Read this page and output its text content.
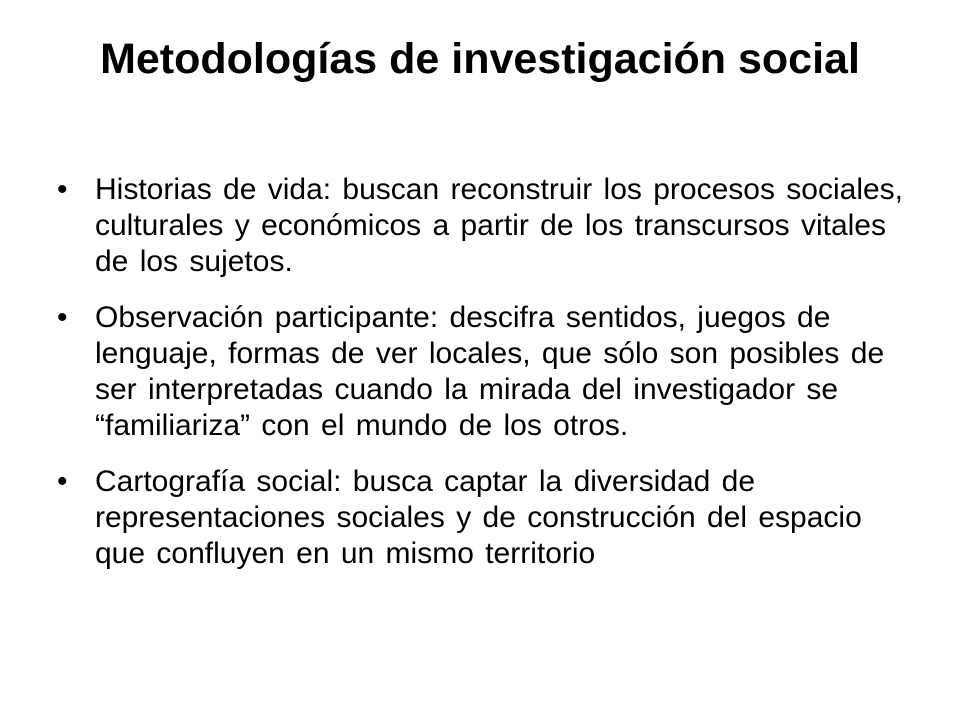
Metodologías de investigación social
• Historias de vida: buscan reconstruir los procesos sociales, culturales y económicos a partir de los transcursos vitales de los sujetos.
• Observación participante: descifra sentidos, juegos de lenguaje, formas de ver locales, que sólo son posibles de ser interpretadas cuando la mirada del investigador se “familiariza” con el mundo de los otros.
• Cartografía social: busca captar la diversidad de representaciones sociales y de construcción del espacio que confluyen en un mismo territorio
